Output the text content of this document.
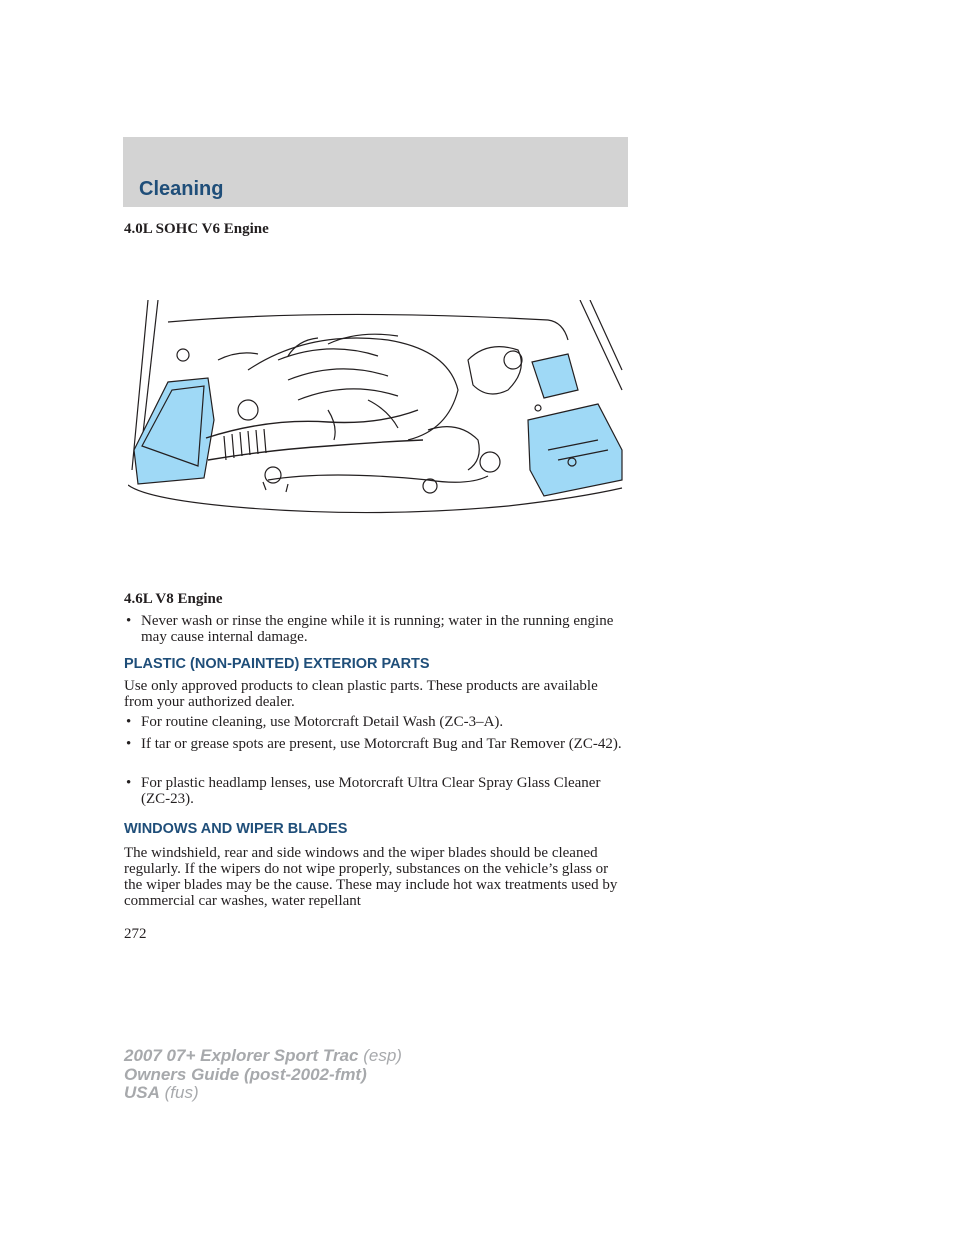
Cleaning
4.0L SOHC V6 Engine
4.6L V8 Engine
• Never wash or rinse the engine while it is running; water in the running engine may cause internal damage.
PLASTIC (NON-PAINTED) EXTERIOR PARTS
Use only approved products to clean plastic parts. These products are available from your authorized dealer.
• For routine cleaning, use Motorcraft Detail Wash (ZC-3–A).
• If tar or grease spots are present, use Motorcraft Bug and Tar Remover (ZC-42).
• For plastic headlamp lenses, use Motorcraft Ultra Clear Spray Glass Cleaner (ZC-23).
WINDOWS AND WIPER BLADES
The windshield, rear and side windows and the wiper blades should be cleaned regularly. If the wipers do not wipe properly, substances on the vehicle’s glass or the wiper blades may be the cause. These may include hot wax treatments used by commercial car washes, water repellant
272
2007 07+ Explorer Sport Trac (esp)
Owners Guide (post-2002-fmt)
USA (fus)
